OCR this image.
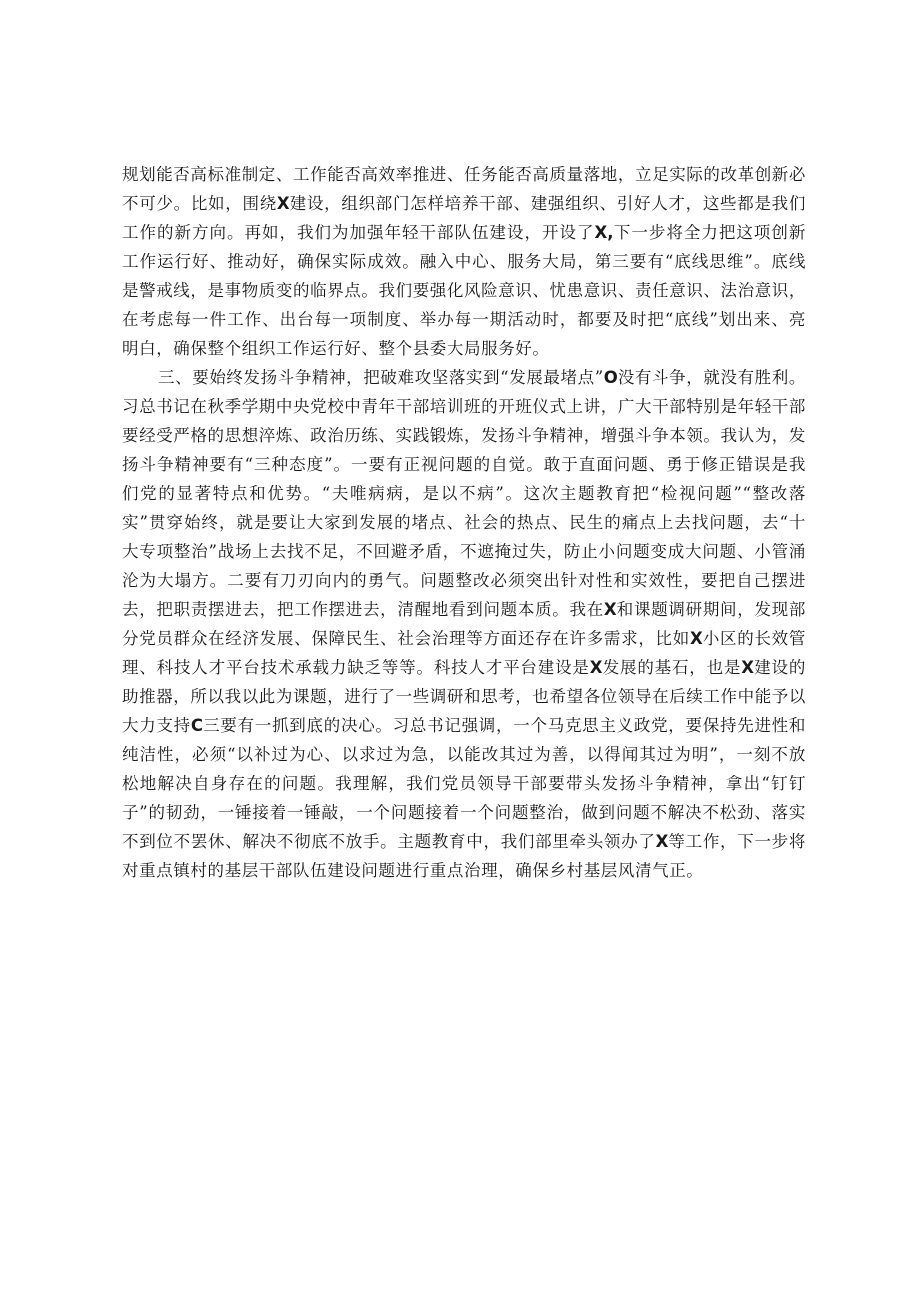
规划能否高标准制定、工作能否高效率推进、任务能否高质量落地，立足实际的改革创新必不可少。比如，围绕X建设，组织部门怎样培养干部、建强组织、引好人才，这些都是我们工作的新方向。再如，我们为加强年轻干部队伍建设，开设了X,下一步将全力把这项创新工作运行好、推动好，确保实际成效。融入中心、服务大局，第三要有“底线思维”。底线是警戒线，是事物质变的临界点。我们要强化风险意识、忧患意识、责任意识、法治意识，在考虑每一件工作、出台每一项制度、举办每一期活动时，都要及时把“底线”划出来、亮明白，确保整个组织工作运行好、整个县委大局服务好。

三、要始终发扬斗争精神，把破难攻坚落实到“发展最堵点”O没有斗争，就没有胜利。习总书记在秋季学期中央党校中青年干部培训班的开班仪式上讲，广大干部特别是年轻干部要经受严格的思想淬炼、政治历练、实践锻炼，发扬斗争精神，增强斗争本领。我认为，发扬斗争精神要有“三种态度”。一要有正视问题的自觉。敢于直面问题、勇于修正错误是我们党的显著特点和优势。“夫唯病病，是以不病”。这次主题教育把“检视问题”“整改落实”贯穿始终，就是要让大家到发展的堵点、社会的热点、民生的痛点上去找问题，去“十大专项整治”战场上去找不足，不回避矛盾，不遮掩过失，防止小问题变成大问题、小管涌沦为大塌方。二要有刀刃向内的勇气。问题整改必须突出针对性和实效性，要把自己摆进去，把职责摆进去，把工作摆进去，清醒地看到问题本质。我在X和课题调研期间，发现部分党员群众在经济发展、保障民生、社会治理等方面还存在许多需求，比如X小区的长效管理、科技人才平台技术承载力缺乏等等。科技人才平台建设是X发展的基石，也是X建设的助推器，所以我以此为课题，进行了一些调研和思考，也希望各位领导在后续工作中能予以大力支持C三要有一抓到底的决心。习总书记强调，一个马克思主义政党，要保持先进性和纯洁性，必须“以补过为心、以求过为急，以能改其过为善，以得闻其过为明”，一刻不放松地解决自身存在的问题。我理解，我们党员领导干部要带头发扬斗争精神，拿出“钉钉子”的韧劲，一锤接着一锤敲，一个问题接着一个问题整治，做到问题不解决不松劲、落实不到位不罢休、解决不彻底不放手。主题教育中，我们部里牵头领办了X等工作，下一步将对重点镇村的基层干部队伍建设问题进行重点治理，确保乡村基层风清气正。
